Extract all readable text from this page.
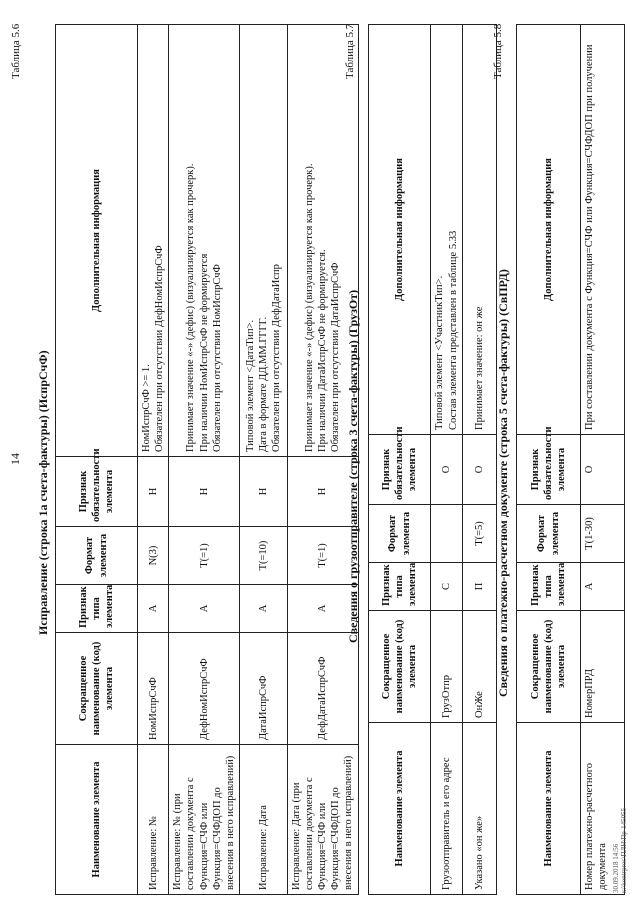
14
Таблица 5.6
Исправление (строка 1а счета-фактуры) (ИспрСчФ)
Наименование элемента	Сокращенное наименование (код) элемента	Признак типа элемента	Формат элемента	Признак обязательности элемента	Дополнительная информация
Исправление: №	НомИспрСчФ	А	N(3)	Н	НомИспрСчФ >= 1.
Обязателен при отсутствии ДефНомИспрСчФ
Исправление: № (при составлении документа с Функция=СЧФ или Функция=СЧФДОП до внесения в него исправлений)	ДефНомИспрСчФ	А	Т(=1)	Н	Принимает значение «-» (дефис) (визуализируется как прочерк).
При наличии НомИспрСчФ не формируется
Обязателен при отсутствии НомИспрСчФ
Исправление: Дата	ДатаИспрСчФ	А	Т(=10)	Н	Типовой элемент <ДатаТип>.
Дата в формате ДД.ММ.ГГГГ.
Обязателен при отсутствии ДефДатаИспр
Исправление: Дата (при составлении документа с Функция=СЧФ или Функция=СЧФДОП до внесения в него исправлений)	ДефДатаИспрСчФ	А	Т(=1)	Н	Принимает значение «-» (дефис) (визуализируется как прочерк).
При наличии ДатаИспрСчФ не формируется.
Обязателен при отсутствии ДатаИспрСчФ
Таблица 5.7
Сведения о грузоотправителе (строка 3 счета-фактуры) (ГрузОт)
Наименование элемента	Сокращенное наименование (код) элемента	Признак типа элемента	Формат элемента	Признак обязательности элемента	Дополнительная информация
Грузоотправитель и его адрес	ГрузОтпр	С		О	Типовой элемент <УчастникТип>.
Состав элемента представлен в таблице 5.33
Указано «он же»	ОнЖе	П	Т(=5)	О	Принимает значение: он же
Таблица 5.8
Сведения о платежно-расчетном документе (строка 5 счета-фактуры) (СвПРД)
Наименование элемента	Сокращенное наименование (код) элемента	Признак типа элемента	Формат элемента	Признак обязательности элемента	Дополнительная информация
Номер платежно-расчетного документа	НомерПРД	А	Т(1-30)	О	При составлении документа с Функция=СЧФ или Функция=СЧФДОП при получении
30.09.2018 14:56
к:\kontrproc\ПЛН\Пр-145055
